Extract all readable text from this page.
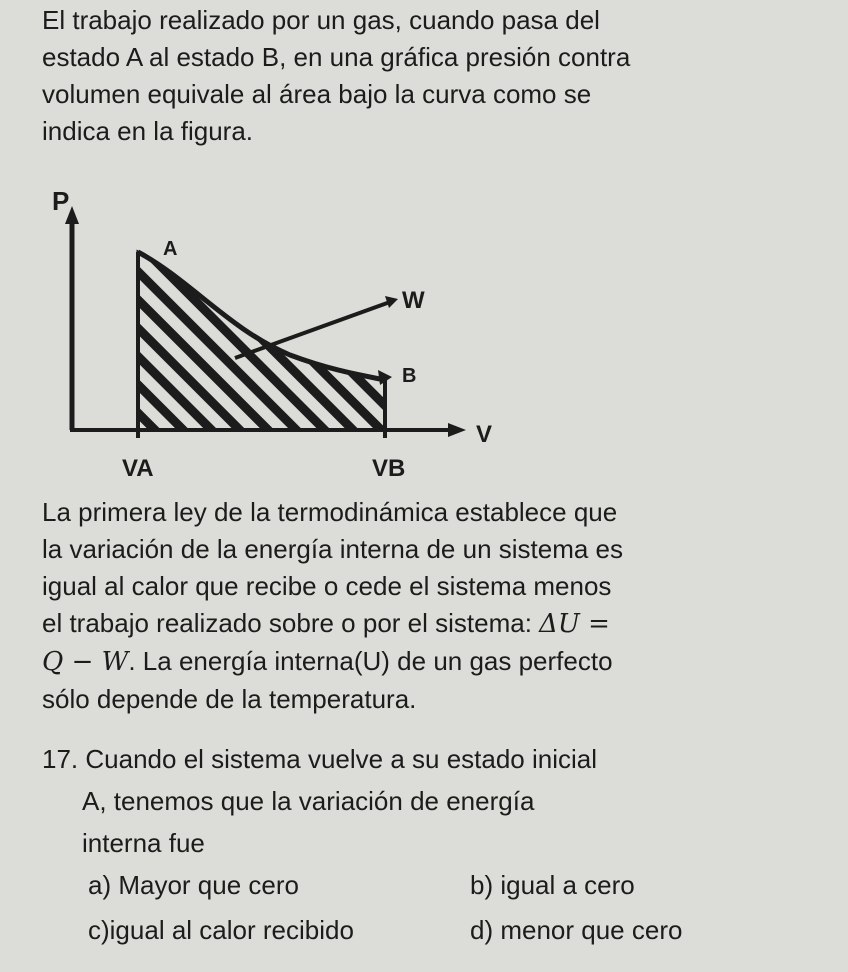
El trabajo realizado por un gas, cuando pasa del
estado A al estado B, en una gráfica presión contra
volumen equivale al área bajo la curva como se
indica en la figura.

P
A
W
B
V
VA	VB

La primera ley de la termodinámica establece que
la variación de la energía interna de un sistema es
igual al calor que recibe o cede el sistema menos
el trabajo realizado sobre o por el sistema: ΔU =
Q − W. La energía interna(U) de un gas perfecto
sólo depende de la temperatura.

17. Cuando el sistema vuelve a su estado inicial
A, tenemos que la variación de energía
interna fue
a) Mayor que cero	b) igual a cero
c)igual al calor recibido	d) menor que cero
